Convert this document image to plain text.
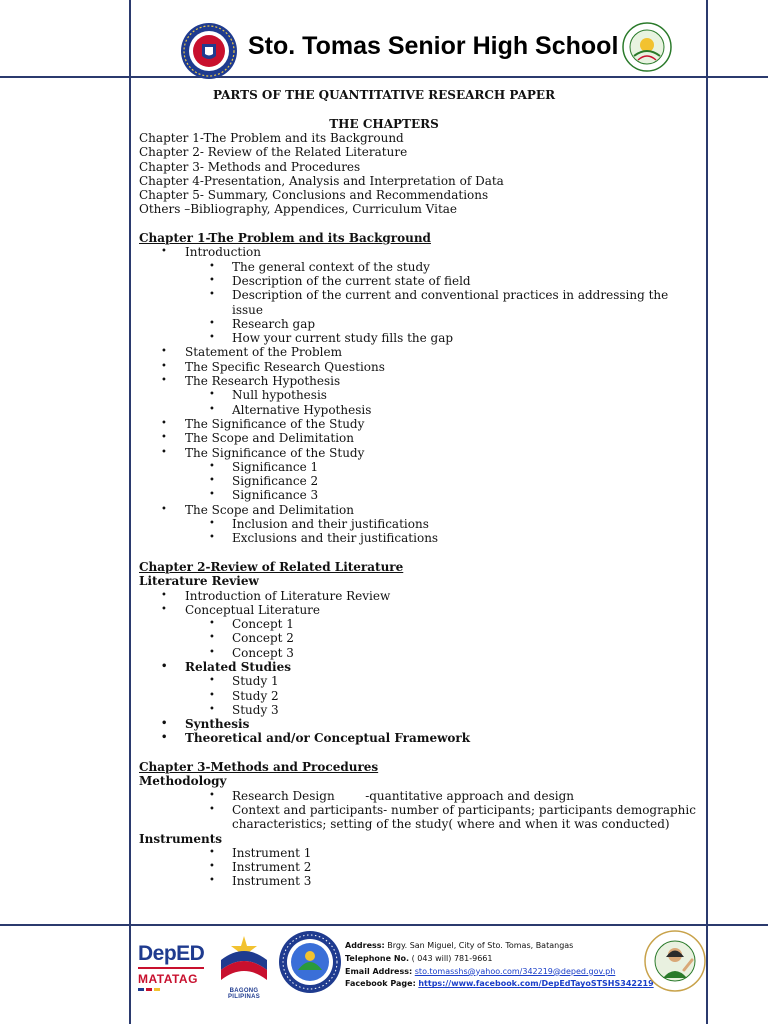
Sto. Tomas Senior High School
PARTS OF THE QUANTITATIVE RESEARCH PAPER
THE CHAPTERS

Chapter 1-The Problem and its Background

Chapter 2- Review of the Related Literature

Chapter 3- Methods and Procedures

Chapter 4-Presentation, Analysis and Interpretation of Data

Chapter 5- Summary, Conclusions and Recommendations

Others –Bibliography, Appendices, Curriculum Vitae

Chapter 1-The Problem and its Background

• Introduction

• The general context of the study

• Description of the current state of field

• Description of the current and conventional practices in addressing the issue

• Research gap

• How your current study fills the gap

• Statement of the Problem

• The Specific Research Questions

• The Research Hypothesis

• Null hypothesis

• Alternative Hypothesis

• The Significance of the Study

• The Scope and Delimitation

• The Significance of the Study

• Significance 1

• Significance 2

• Significance 3

• The Scope and Delimitation

• Inclusion and their justifications

• Exclusions and their justifications

Chapter 2-Review of Related Literature

Literature Review

• Introduction of Literature Review

• Conceptual Literature

• Concept 1

• Concept 2

• Concept 3

• Related Studies

• Study 1

• Study 2

• Study 3

• Synthesis

• Theoretical and/or Conceptual Framework

Chapter 3-Methods and Procedures

Methodology

• Research Design        -quantitative approach and design

• Context and participants- number of participants; participants demographic characteristics; setting of the study( where and when it was conducted)

Instruments

• Instrument 1

• Instrument 2

• Instrument 3

DepED
MATATAG
BAGONG PILIPINAS
Address: Brgy. San Miguel, City of Sto. Tomas, Batangas
Telephone No. ( 043 will) 781-9661
Email Address: sto.tomasshs@yahoo.com/342219@deped.gov.ph
Facebook Page: https://www.facebook.com/DepEdTayoSTSHS342219
